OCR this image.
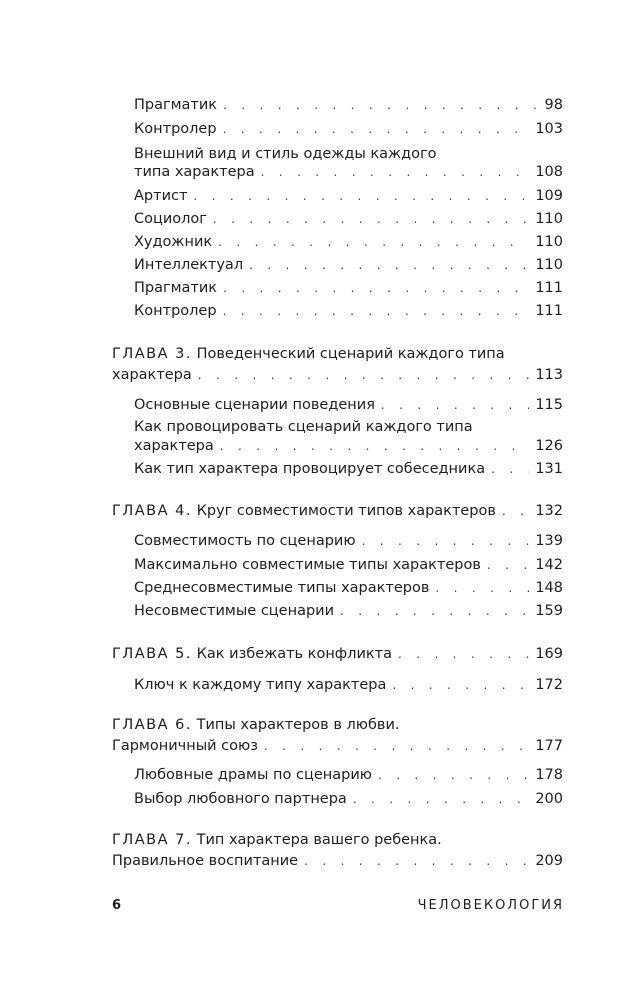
Прагматик . . .	98
Контролер . . .	103
Внешний вид и стиль одежды каждого
типа характера . . .	108
Артист . . .	109
Социолог . . .	110
Художник . . .	110
Интеллектуал . . .	110
Прагматик . . .	111
Контролер . . .	111
ГЛАВА 3. Поведенческий сценарий каждого типа
характера . . .	113
Основные сценарии поведения . . .	115
Как провоцировать сценарий каждого типа
характера . . .	126
Как тип характера провоцирует собеседника . . .	131
ГЛАВА 4. Круг совместимости типов характеров . . .	132
Совместимость по сценарию . . .	139
Максимально совместимые типы характеров . . .	142
Среднесовместимые типы характеров . . .	148
Несовместимые сценарии . . .	159
ГЛАВА 5. Как избежать конфликта . . .	169
Ключ к каждому типу характера . . .	172
ГЛАВА 6. Типы характеров в любви.
Гармоничный союз . . .	177
Любовные драмы по сценарию . . .	178
Выбор любовного партнера . . .	200
ГЛАВА 7. Тип характера вашего ребенка.
Правильное воспитание . . .	209
6	ЧЕЛОВЕКОЛОГИЯ
